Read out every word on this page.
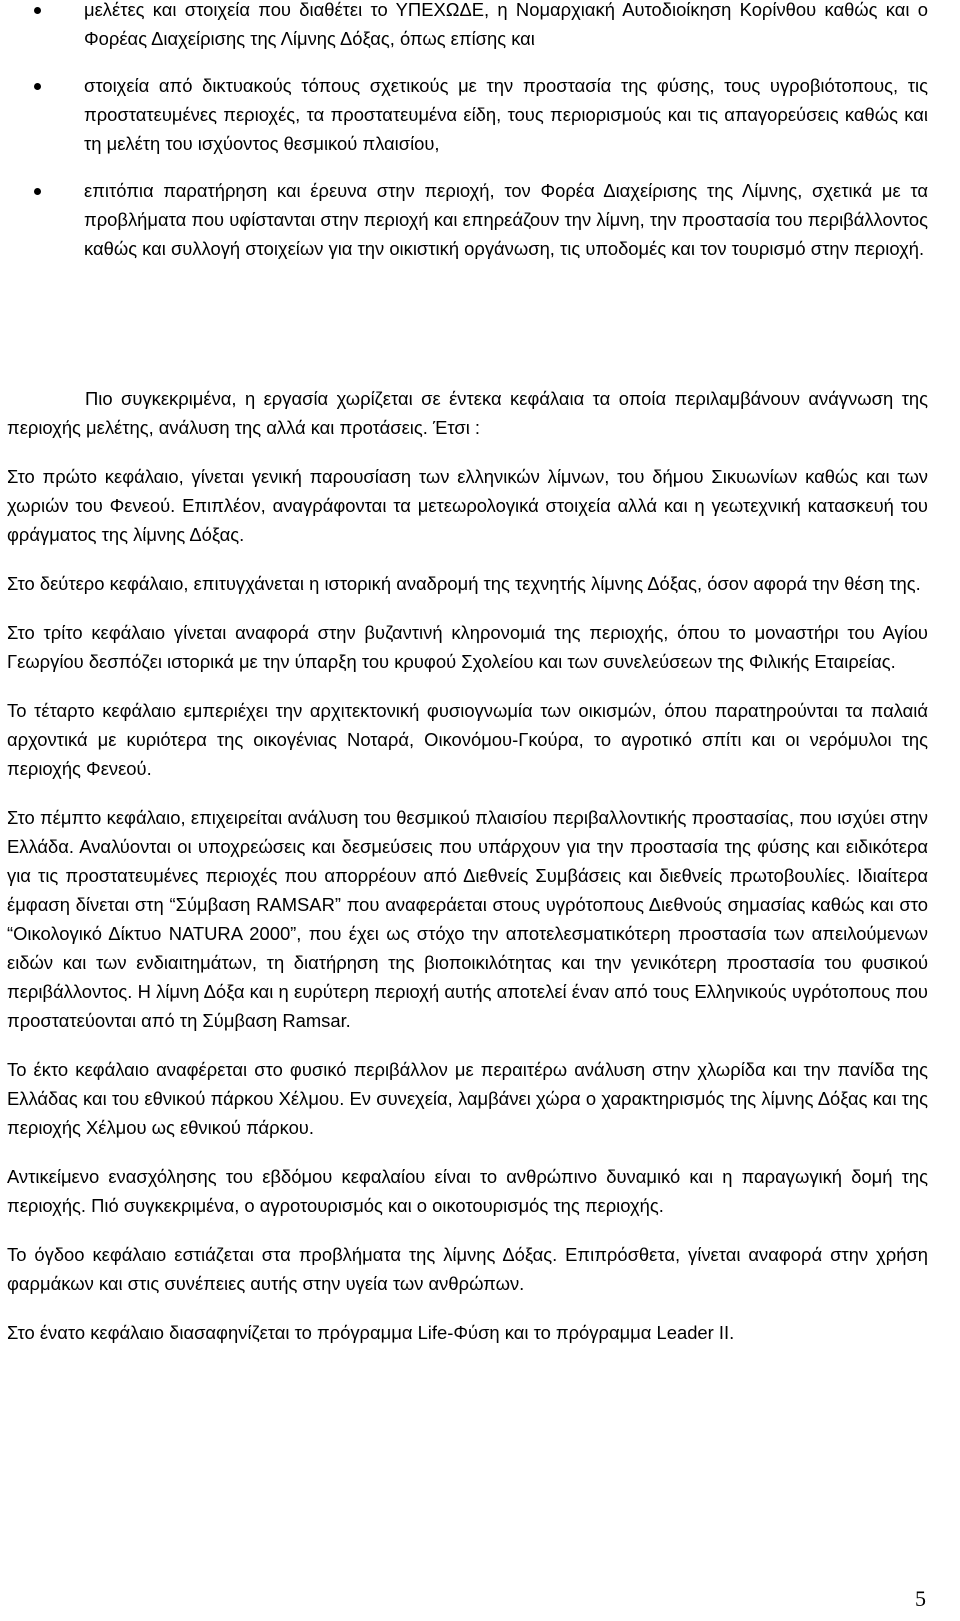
μελέτες και στοιχεία που διαθέτει το ΥΠΕΧΩΔΕ, η Νομαρχιακή Αυτοδιοίκηση Κορίνθου καθώς και ο Φορέας Διαχείρισης της Λίμνης Δόξας, όπως επίσης και
στοιχεία από δικτυακούς τόπους σχετικούς με την προστασία της φύσης, τους υγροβιότοπους, τις προστατευμένες περιοχές, τα προστατευμένα είδη, τους περιορισμούς και τις απαγορεύσεις καθώς και τη μελέτη του ισχύοντος θεσμικού πλαισίου,
επιτόπια παρατήρηση και έρευνα στην περιοχή, τον Φορέα Διαχείρισης της Λίμνης, σχετικά με τα προβλήματα που υφίστανται στην περιοχή και επηρεάζουν την λίμνη, την προστασία του περιβάλλοντος καθώς και συλλογή στοιχείων για την οικιστική οργάνωση, τις υποδομές και τον τουρισμό στην περιοχή.

Πιο συγκεκριμένα, η εργασία χωρίζεται σε έντεκα κεφάλαια τα οποία περιλαμβάνουν ανάγνωση της περιοχής μελέτης, ανάλυση της αλλά και προτάσεις. Έτσι :

Στο πρώτο κεφάλαιο, γίνεται γενική παρουσίαση των ελληνικών λίμνων, του δήμου Σικυωνίων καθώς και των χωριών του Φενεού. Επιπλέον, αναγράφονται τα μετεωρολογικά στοιχεία αλλά και η γεωτεχνική κατασκευή του φράγματος της λίμνης Δόξας.

Στο δεύτερο κεφάλαιο, επιτυγχάνεται η ιστορική αναδρομή της τεχνητής λίμνης Δόξας, όσον αφορά την θέση της.

Στο τρίτο κεφάλαιο γίνεται αναφορά στην βυζαντινή κληρονομιά της περιοχής, όπου το μοναστήρι του Αγίου Γεωργίου δεσπόζει ιστορικά με την ύπαρξη του κρυφού Σχολείου και των συνελεύσεων της Φιλικής Εταιρείας.

Το τέταρτο κεφάλαιο εμπεριέχει την αρχιτεκτονική φυσιογνωμία των οικισμών, όπου παρατηρούνται τα παλαιά αρχοντικά με κυριότερα της οικογένιας Νοταρά, Οικονόμου-Γκούρα, το αγροτικό σπίτι και οι νερόμυλοι της περιοχής Φενεού.

Στο πέμπτο κεφάλαιο, επιχειρείται ανάλυση του θεσμικού πλαισίου περιβαλλοντικής προστασίας, που ισχύει στην Ελλάδα. Αναλύονται οι υποχρεώσεις και δεσμεύσεις που υπάρχουν για την προστασία της φύσης και ειδικότερα για τις προστατευμένες περιοχές που απορρέουν από Διεθνείς Συμβάσεις και διεθνείς πρωτοβουλίες. Ιδιαίτερα έμφαση δίνεται στη “Σύμβαση RAMSAR” που αναφεράεται στους υγρότοπους Διεθνούς σημασίας καθώς και στο “Οικολογικό Δίκτυο NATURA 2000”, που έχει ως στόχο την αποτελεσματικότερη προστασία των απειλούμενων ειδών και των ενδιαιτημάτων, τη διατήρηση της βιοποικιλότητας και την γενικότερη προστασία του φυσικού περιβάλλοντος. Η λίμνη Δόξα και η ευρύτερη περιοχή αυτής αποτελεί έναν από τους Ελληνικούς υγρότοπους που προστατεύονται από τη Σύμβαση Ramsar.

Το έκτο κεφάλαιο αναφέρεται στο φυσικό περιβάλλον με περαιτέρω ανάλυση στην χλωρίδα και την πανίδα της Ελλάδας και του εθνικού πάρκου Χέλμου. Εν συνεχεία, λαμβάνει χώρα ο χαρακτηρισμός της λίμνης Δόξας και της περιοχής Χέλμου ως εθνικού πάρκου.

Αντικείμενο ενασχόλησης του εβδόμου κεφαλαίου είναι το ανθρώπινο δυναμικό και η παραγωγική δομή της περιοχής. Πιό συγκεκριμένα, ο αγροτουρισμός και ο οικοτουρισμός της περιοχής.

Το όγδοο κεφάλαιο εστιάζεται στα προβλήματα της λίμνης Δόξας. Επιπρόσθετα, γίνεται αναφορά στην χρήση φαρμάκων και στις συνέπειες αυτής στην υγεία των ανθρώπων.

Στο ένατο κεφάλαιο διασαφηνίζεται το πρόγραμμα Life-Φύση και το πρόγραμμα Leader II.

5
